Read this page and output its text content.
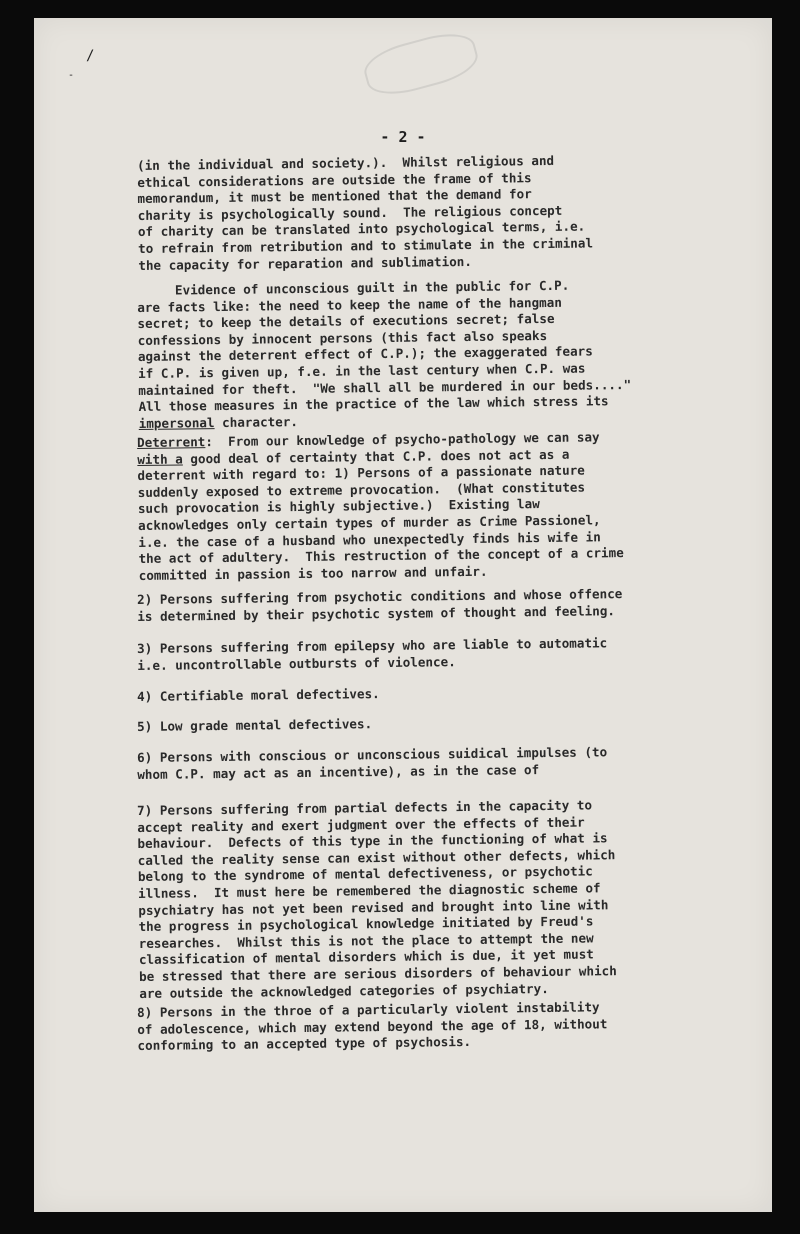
/
-
- 2 -
(in the individual and society.).  Whilst religious and
ethical considerations are outside the frame of this
memorandum, it must be mentioned that the demand for
charity is psychologically sound.  The religious concept
of charity can be translated into psychological terms, i.e.
to refrain from retribution and to stimulate in the criminal
the capacity for reparation and sublimation.
Evidence of unconscious guilt in the public for C.P.
are facts like: the need to keep the name of the hangman
secret; to keep the details of executions secret; false
confessions by innocent persons (this fact also speaks
against the deterrent effect of C.P.); the exaggerated fears
if C.P. is given up, f.e. in the last century when C.P. was
maintained for theft.  "We shall all be murdered in our beds...."
All those measures in the practice of the law which stress its
impersonal character.
Deterrent:  From our knowledge of psycho-pathology we can say
with a good deal of certainty that C.P. does not act as a
deterrent with regard to: 1) Persons of a passionate nature
suddenly exposed to extreme provocation.  (What constitutes
such provocation is highly subjective.)  Existing law
acknowledges only certain types of murder as Crime Passionel,
i.e. the case of a husband who unexpectedly finds his wife in
the act of adultery.  This restruction of the concept of a crime
committed in passion is too narrow and unfair.
2) Persons suffering from psychotic conditions and whose offence
is determined by their psychotic system of thought and feeling.
3) Persons suffering from epilepsy who are liable to automatic
i.e. uncontrollable outbursts of violence.
4) Certifiable moral defectives.
5) Low grade mental defectives.
6) Persons with conscious or unconscious suidical impulses (to
whom C.P. may act as an incentive), as in the case of
7) Persons suffering from partial defects in the capacity to
accept reality and exert judgment over the effects of their
behaviour.  Defects of this type in the functioning of what is
called the reality sense can exist without other defects, which
belong to the syndrome of mental defectiveness, or psychotic
illness.  It must here be remembered the diagnostic scheme of
psychiatry has not yet been revised and brought into line with
the progress in psychological knowledge initiated by Freud's
researches.  Whilst this is not the place to attempt the new
classification of mental disorders which is due, it yet must
be stressed that there are serious disorders of behaviour which
are outside the acknowledged categories of psychiatry.
8) Persons in the throe of a particularly violent instability
of adolescence, which may extend beyond the age of 18, without
conforming to an accepted type of psychosis.
